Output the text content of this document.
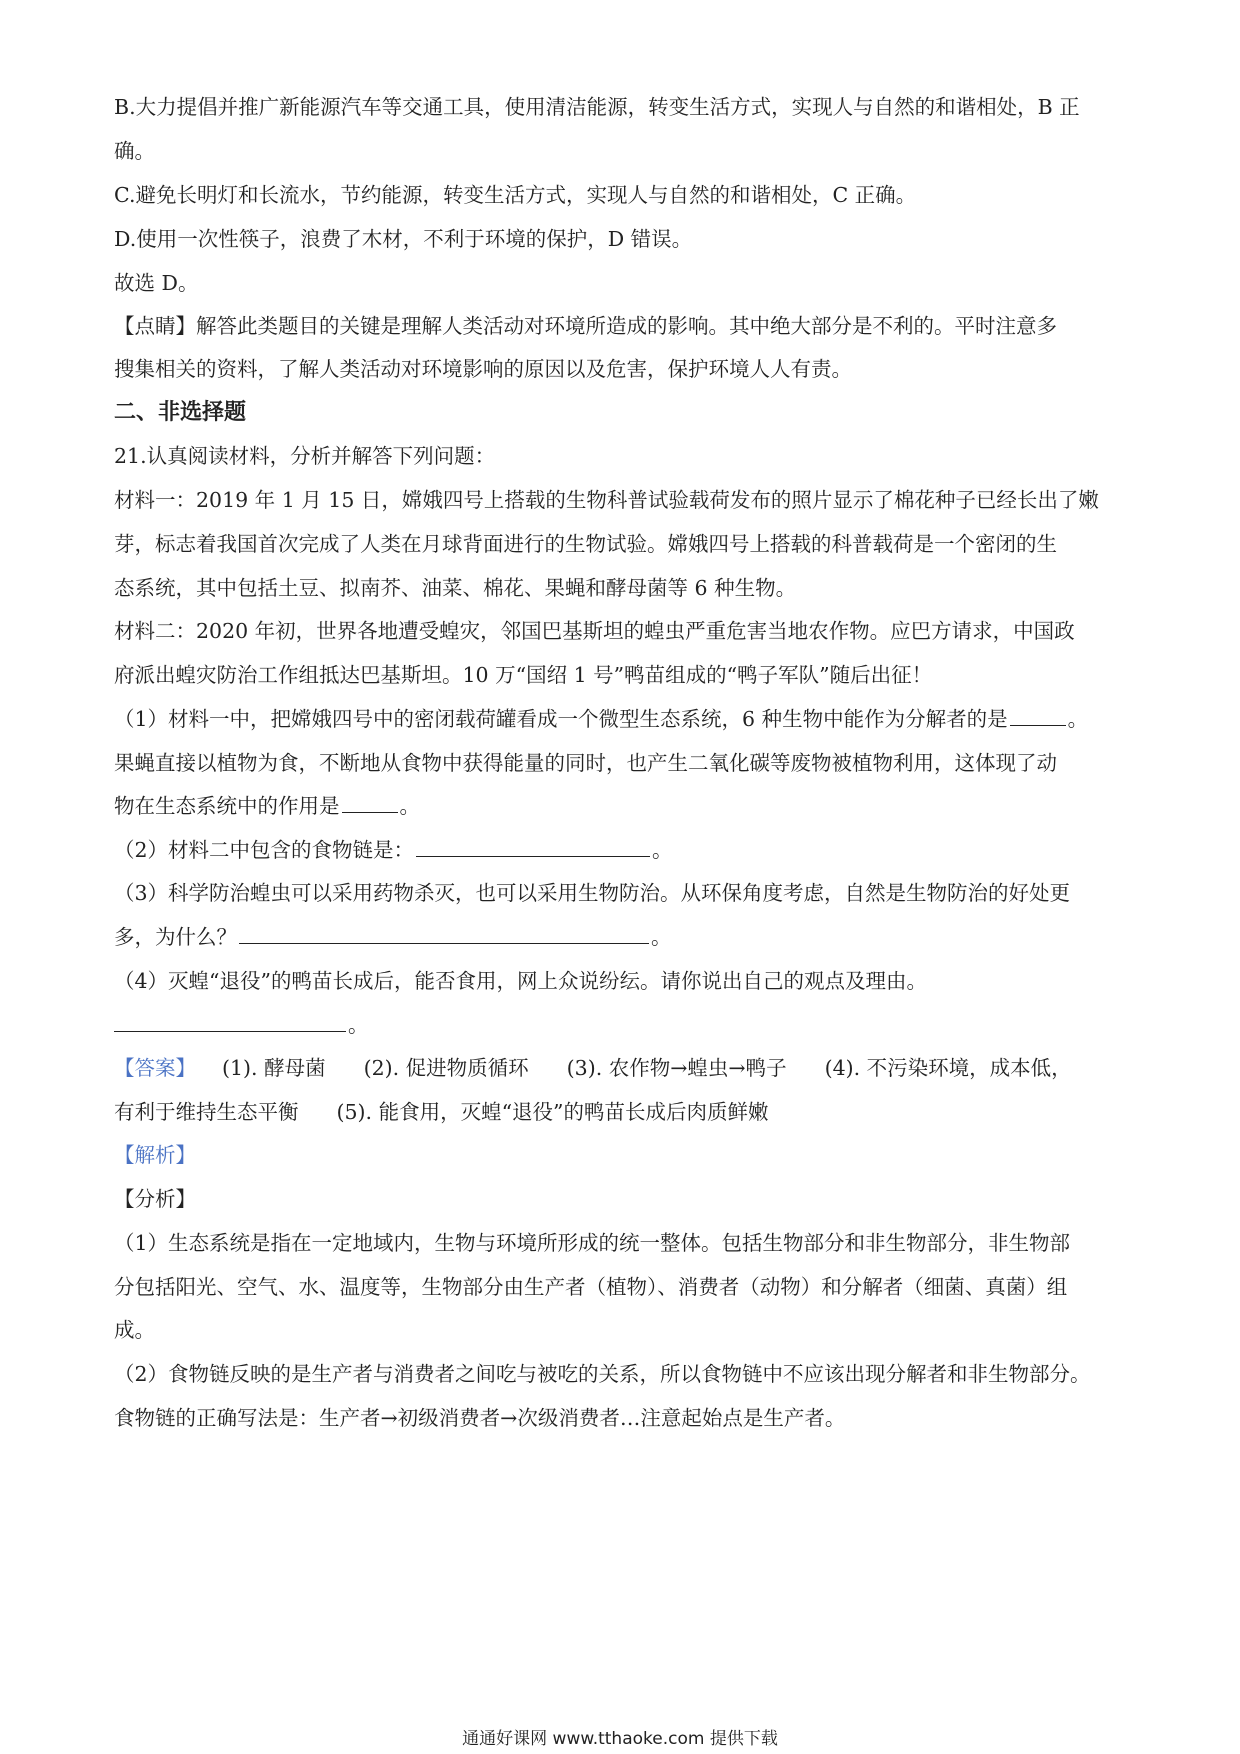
B.大力提倡并推广新能源汽车等交通工具，使用清洁能源，转变生活方式，实现人与自然的和谐相处，B 正
确。
C.避免长明灯和长流水，节约能源，转变生活方式，实现人与自然的和谐相处，C 正确。
D.使用一次性筷子，浪费了木材，不利于环境的保护，D 错误。
故选 D。
【点睛】解答此类题目的关键是理解人类活动对环境所造成的影响。其中绝大部分是不利的。平时注意多
搜集相关的资料，了解人类活动对环境影响的原因以及危害，保护环境人人有责。
二、非选择题
21.认真阅读材料，分析并解答下列问题：
材料一：2019 年 1 月 15 日，嫦娥四号上搭载的生物科普试验载荷发布的照片显示了棉花种子已经长出了嫩
芽，标志着我国首次完成了人类在月球背面进行的生物试验。嫦娥四号上搭载的科普载荷是一个密闭的生
态系统，其中包括土豆、拟南芥、油菜、棉花、果蝇和酵母菌等 6 种生物。
材料二：2020 年初，世界各地遭受蝗灾，邻国巴基斯坦的蝗虫严重危害当地农作物。应巴方请求，中国政
府派出蝗灾防治工作组抵达巴基斯坦。10 万“国绍 1 号”鸭苗组成的“鸭子军队”随后出征！
（1）材料一中，把嫦娥四号中的密闭载荷罐看成一个微型生态系统，6 种生物中能作为分解者的是	。
果蝇直接以植物为食，不断地从食物中获得能量的同时，也产生二氧化碳等废物被植物利用，这体现了动
物在生态系统中的作用是	。
（2）材料二中包含的食物链是：	。
（3）科学防治蝗虫可以采用药物杀灭，也可以采用生物防治。从环保角度考虑，自然是生物防治的好处更
多，为什么？	。
（4）灭蝗“退役”的鸭苗长成后，能否食用，网上众说纷纭。请你说出自己的观点及理由。
。
【答案】 (1). 酵母菌 (2). 促进物质循环 (3). 农作物→蝗虫→鸭子 (4). 不污染环境，成本低，
有利于维持生态平衡 (5). 能食用，灭蝗“退役”的鸭苗长成后肉质鲜嫩
【解析】
【分析】
（1）生态系统是指在一定地域内，生物与环境所形成的统一整体。包括生物部分和非生物部分，非生物部
分包括阳光、空气、水、温度等，生物部分由生产者（植物）、消费者（动物）和分解者（细菌、真菌）组
成。
（2）食物链反映的是生产者与消费者之间吃与被吃的关系，所以食物链中不应该出现分解者和非生物部分。
食物链的正确写法是：生产者→初级消费者→次级消费者…注意起始点是生产者。
通通好课网 www.tthaoke.com 提供下载
